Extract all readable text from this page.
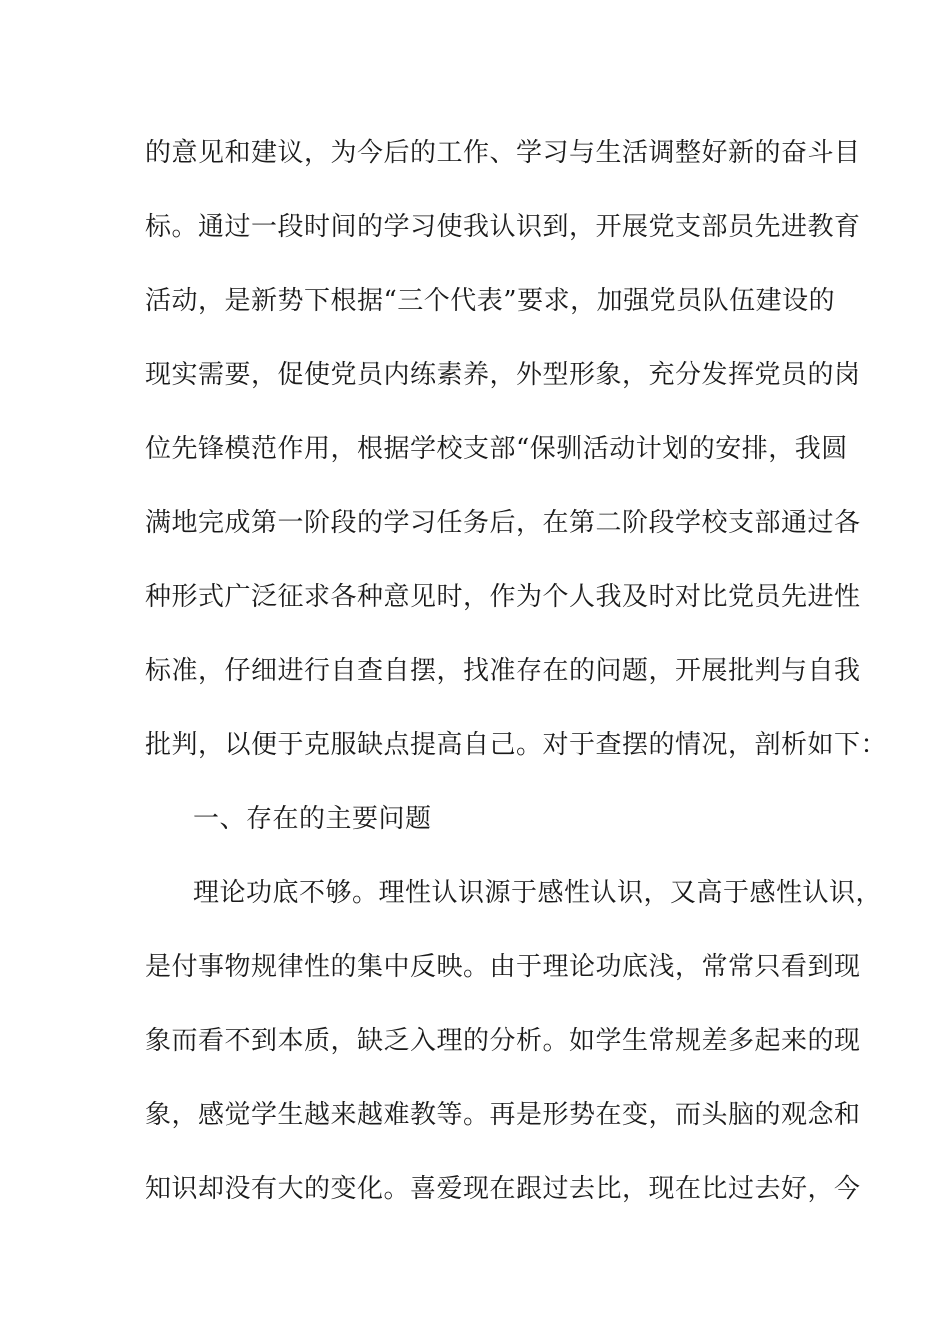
的意见和建议，为今后的工作、学习与生活调整好新的奋斗目
标。通过一段时间的学习使我认识到，开展党支部员先进教育
活动，是新势下根据“三个代表”要求，加强党员队伍建设的
现实需要，促使党员内练素养，外型形象，充分发挥党员的岗
位先锋模范作用，根据学校支部“保驯活动计划的安排，我圆
满地完成第一阶段的学习任务后，在第二阶段学校支部通过各
种形式广泛征求各种意见时，作为个人我及时对比党员先进性
标准，仔细进行自查自摆，找准存在的问题，开展批判与自我
批判，以便于克服缺点提高自己。对于查摆的情况，剖析如下：
一、存在的主要问题
理论功底不够。理性认识源于感性认识，又高于感性认识，
是付事物规律性的集中反映。由于理论功底浅，常常只看到现
象而看不到本质，缺乏入理的分析。如学生常规差多起来的现
象，感觉学生越来越难教等。再是形势在变，而头脑的观念和
知识却没有大的变化。喜爱现在跟过去比，现在比过去好，今
